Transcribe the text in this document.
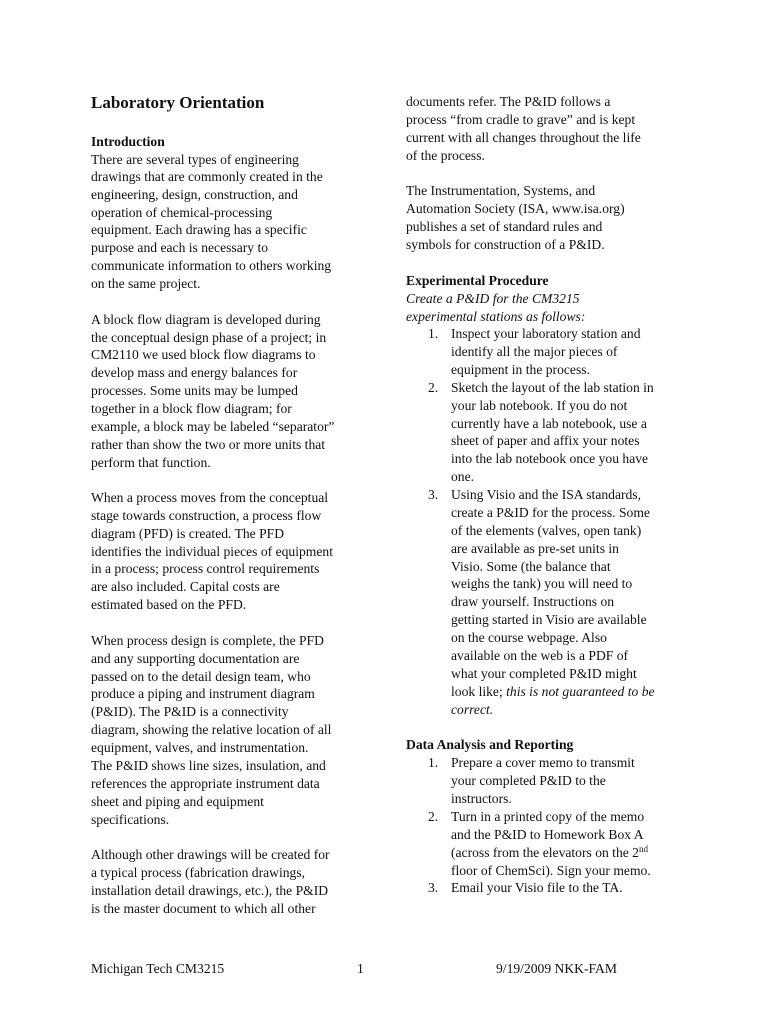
Laboratory Orientation
Introduction
There are several types of engineering
drawings that are commonly created in the
engineering, design, construction, and
operation of chemical-processing
equipment. Each drawing has a specific
purpose and each is necessary to
communicate information to others working
on the same project.
A block flow diagram is developed during
the conceptual design phase of a project; in
CM2110 we used block flow diagrams to
develop mass and energy balances for
processes. Some units may be lumped
together in a block flow diagram; for
example, a block may be labeled “separator”
rather than show the two or more units that
perform that function.
When a process moves from the conceptual
stage towards construction, a process flow
diagram (PFD) is created. The PFD
identifies the individual pieces of equipment
in a process; process control requirements
are also included. Capital costs are
estimated based on the PFD.
When process design is complete, the PFD
and any supporting documentation are
passed on to the detail design team, who
produce a piping and instrument diagram
(P&ID). The P&ID is a connectivity
diagram, showing the relative location of all
equipment, valves, and instrumentation.
The P&ID shows line sizes, insulation, and
references the appropriate instrument data
sheet and piping and equipment
specifications.
Although other drawings will be created for
a typical process (fabrication drawings,
installation detail drawings, etc.), the P&ID
is the master document to which all other
documents refer. The P&ID follows a
process “from cradle to grave” and is kept
current with all changes throughout the life
of the process.
The Instrumentation, Systems, and
Automation Society (ISA, www.isa.org)
publishes a set of standard rules and
symbols for construction of a P&ID.
Experimental Procedure
Create a P&ID for the CM3215
experimental stations as follows:
1. Inspect your laboratory station and
identify all the major pieces of
equipment in the process.
2. Sketch the layout of the lab station in
your lab notebook. If you do not
currently have a lab notebook, use a
sheet of paper and affix your notes
into the lab notebook once you have
one.
3. Using Visio and the ISA standards,
create a P&ID for the process. Some
of the elements (valves, open tank)
are available as pre-set units in
Visio. Some (the balance that
weighs the tank) you will need to
draw yourself. Instructions on
getting started in Visio are available
on the course webpage. Also
available on the web is a PDF of
what your completed P&ID might
look like; this is not guaranteed to be
correct.
Data Analysis and Reporting
1. Prepare a cover memo to transmit
your completed P&ID to the
instructors.
2. Turn in a printed copy of the memo
and the P&ID to Homework Box A
(across from the elevators on the 2nd
floor of ChemSci). Sign your memo.
3. Email your Visio file to the TA.
Michigan Tech CM3215	1	9/19/2009 NKK-FAM
